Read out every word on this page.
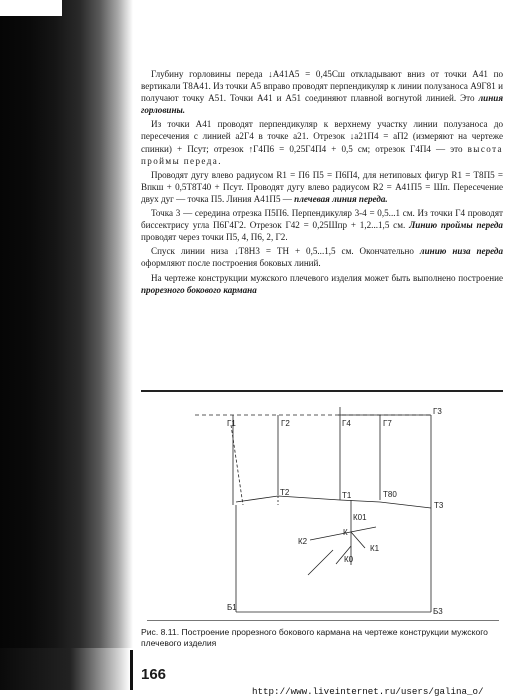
Глубину горловины переда ↓А41А5 = 0,45Сш откладывают вниз от точки А41 по вертикали Т8А41. Из точки А5 вправо проводят перпендикуляр к линии полузаноса А9Г81 и получают точку А51. Точки А41 и А51 соединяют плавной вогнутой линией. Это линия горловины.

Из точки А41 проводят перпендикуляр к верхнему участку линии полузаноса до пересечения с линией а2Г4 в точке а21. Отрезок ↓а21П4 = аП2 (измеряют на чертеже спинки) + Псут; отрезок ↑Г4П6 = 0,25Г4П4 + 0,5 см; отрезок Г4П4 — это высота проймы переда.

Проводят дугу влево радиусом R1 = П6 П5 = П6П4, для нетиповых фигур R1 = Т8П5 = Впкш + 0,5Т8Т40 + Псут. Проводят дугу влево радиусом R2 = А41П5 = Шп. Пересечение двух дуг — точка П5. Линия А41П5 — плечевая линия переда.

Точка 3 — середина отрезка П5П6. Перпендикуляр 3-4 = 0,5...1 см. Из точки Г4 проводят биссектрису угла П6Г4Г2. Отрезок Г42 = 0,25Шпр + 1,2...1,5 см. Линию проймы переда проводят через точки П5, 4, П6, 2, Г2.

Спуск линии низа ↓Т8Н3 = ТН + 0,5...1,5 см. Окончательно линию низа переда оформляют после построения боковых линий.

На чертеже конструкции мужского плечевого изделия может быть выполнено построение прорезного бокового кармана

Г1	Г2	Г4	Г7
Г3
Т2	Т1	Т80
Т3
К01
К
К2
К1
К0
Б1	Б3
Рис. 8.11. Построение прорезного бокового кармана на чертеже конструкции мужского плечевого изделия
166
http://www.liveinternet.ru/users/galina_o/
